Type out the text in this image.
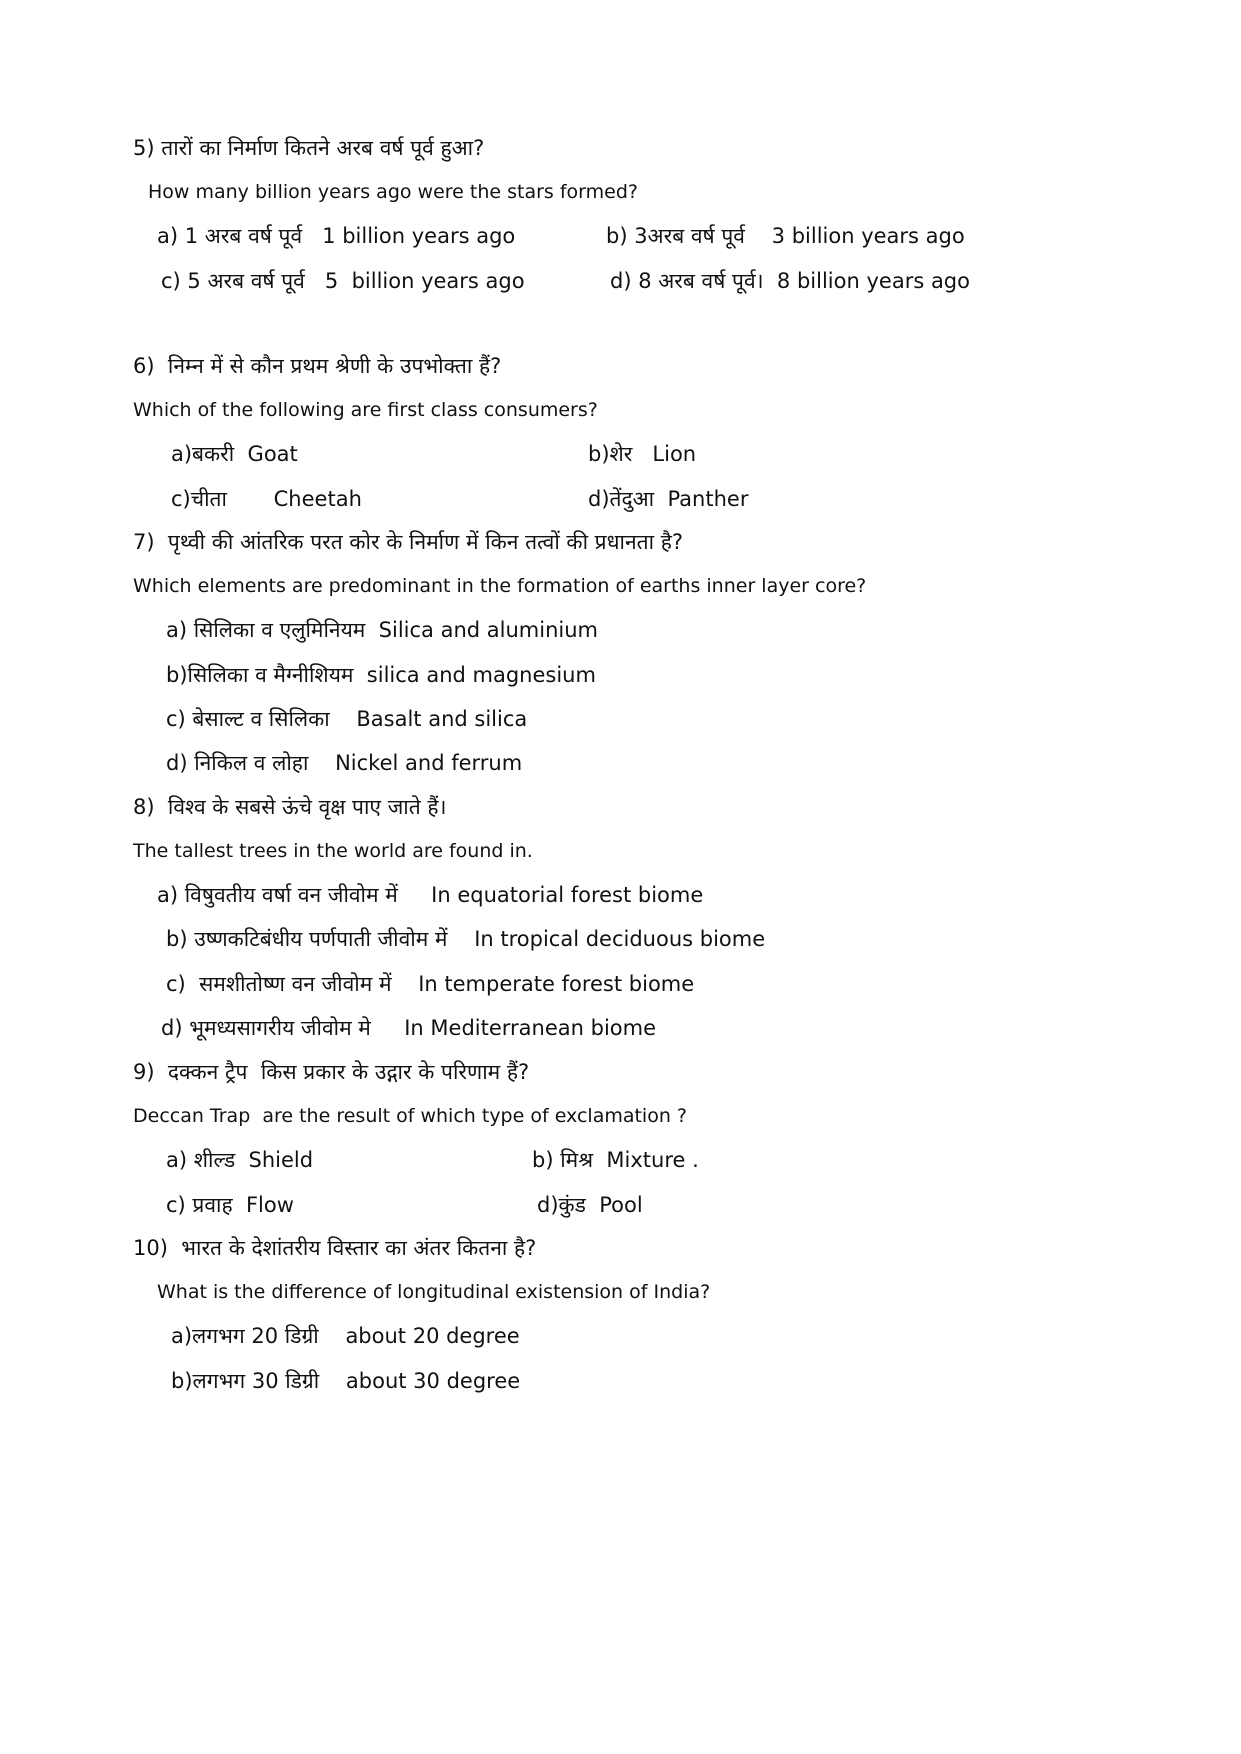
5) तारों का निर्माण कितने अरब वर्ष पूर्व हुआ?
How many billion years ago were the stars formed?
a) 1 अरब वर्ष पूर्व   1 billion years ago	b) 3अरब वर्ष पूर्व    3 billion years ago
c) 5 अरब वर्ष पूर्व   5  billion years ago	d) 8 अरब वर्ष पूर्व।  8 billion years ago
6)  निम्न में से कौन प्रथम श्रेणी के उपभोक्ता हैं?
Which of the following are first class consumers?
a)बकरी  Goat	b)शेर   Lion
c)चीता       Cheetah	d)तेंदुआ  Panther
7)  पृथ्वी की आंतरिक परत कोर के निर्माण में किन तत्वों की प्रधानता है?
Which elements are predominant in the formation of earths inner layer core?
a) सिलिका व एलुमिनियम  Silica and aluminium
b)सिलिका व मैग्नीशियम  silica and magnesium
c) बेसाल्ट व सिलिका    Basalt and silica
d) निकिल व लोहा    Nickel and ferrum
8)  विश्व के सबसे ऊंचे वृक्ष पाए जाते हैं।
The tallest trees in the world are found in.
a) विषुवतीय वर्षा वन जीवोम में     In equatorial forest biome
b) उष्णकटिबंधीय पर्णपाती जीवोम में    In tropical deciduous biome
c)  समशीतोष्ण वन जीवोम में    In temperate forest biome
d) भूमध्यसागरीय जीवोम मे     In Mediterranean biome
9)  दक्कन ट्रैप  किस प्रकार के उद्गार के परिणाम हैं?
Deccan Trap  are the result of which type of exclamation ?
a) शील्ड  Shield	b) मिश्र  Mixture .
c) प्रवाह  Flow	d)कुंड  Pool
10)  भारत के देशांतरीय विस्तार का अंतर कितना है?
What is the difference of longitudinal existension of India?
a)लगभग 20 डिग्री    about 20 degree
b)लगभग 30 डिग्री    about 30 degree
